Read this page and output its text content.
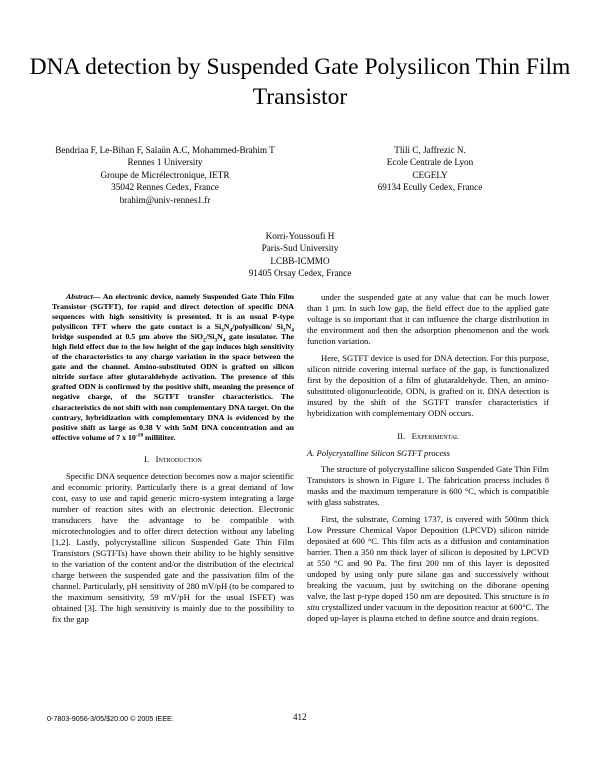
DNA detection by Suspended Gate Polysilicon Thin Film Transistor
Bendriaa F, Le-Bihan F, Salaün A.C, Mohammed-Brahim T
Rennes 1 University
Groupe de Micrélectronique, IETR
35042 Rennes Cedex, France
brahim@univ-rennes1.fr
Tlili C, Jaffrezic N.
Ecole Centrale de Lyon
CEGELY
69134 Ecully Cedex, France
Korri-Youssoufi H
Paris-Sud University
LCBB-ICMMO
91405 Orsay Cedex, France

Abstract— An electronic device, namely Suspended Gate Thin Film Transistor (SGTFT), for rapid and direct detection of specific DNA sequences with high sensitivity is presented. It is an usual P-type polysilicon TFT where the gate contact is a $Si_3N_4/polysilicon/$ $Si_3N_4$ bridge suspended at 0.5 µm above the $SiO_2/Si_3N_4$ gate insulator. The high field effect due to the low height of the gap induces high sensitivity of the characteristics to any charge variation in the space between the gate and the channel. Amino-substituted ODN is grafted on silicon nitride surface after glutaraldehyde activation. The presence of this grafted ODN is confirmed by the positive shift, meaning the presence of negative charge, of the SGTFT transfer characteristics. The characteristics do not shift with non complementary DNA target. On the contrary, hybridization with complementary DNA is evidenced by the positive shift as large as 0.38 V with 5nM DNA concentration and an effective volume of 7 x $10^{-10}$ milliliter.

I. Introduction

Specific DNA sequence detection becomes now a major scientific and economic priority. Particularly there is a great demand of low cost, easy to use and rapid generic micro-system integrating a large number of reaction sites with an electronic detection. Electronic transducers have the advantage to be compatible with microtechnologies and to offer direct detection without any labeling [1,2]. Lastly, polycrystalline silicon Suspended Gate Thin Film Transistors (SGTFTs) have shown their ability to be highly sensitive to the variation of the content and/or the distribution of the electrical charge between the suspended gate and the passivation film of the channel. Particularly, pH sensitivity of 280 mV/pH (to be compared to the maximum sensitivity, 59 mV/pH for the usual ISFET) was obtained [3]. The high sensitivity is mainly due to the possibility to fix the gap

under the suspended gate at any value that can be much lower than 1 µm. In such low gap, the field effect due to the applied gate voltage is so important that it can influence the charge distribution in the environment and then the adsorption phenomenon and the work function variation.

Here, SGTFT device is used for DNA detection. For this purpose, silicon nitride covering internal surface of the gap, is functionalized first by the deposition of a film of glutaraldehyde. Then, an amino-substituted oligonucleotide, ODN, is grafted on it. DNA detection is insured by the shift of the SGTFT transfer characteristics if hybridization with complementary ODN occurs.

II. Experimental

A. Polycrystalline Silicon SGTFT process

The structure of polycrystalline silicon Suspended Gate Thin Film Transistors is shown in Figure 1. The fabrication process includes 8 masks and the maximum temperature is 600 °C, which is compatible with glass substrates.

First, the substrate, Corning 1737, is covered with 500nm thick Low Pressure Chemical Vapor Deposition (LPCVD) silicon nitride deposited at 600 °C. This film acts as a diffusion and contamination barrier. Then a 350 nm thick layer of silicon is deposited by LPCVD at 550 °C and 90 Pa. The first 200 nm of this layer is deposited undoped by using only pure silane gas and successively without breaking the vacuum, just by switching on the diborane opening valve, the last p-type doped 150 nm are deposited. This structure is in situ crystallized under vacuum in the deposition reactor at 600°C. The doped up-layer is plasma etched to define source and drain regions.

0-7803-9056-3/05/$20.00 © 2005 IEEE.	412
